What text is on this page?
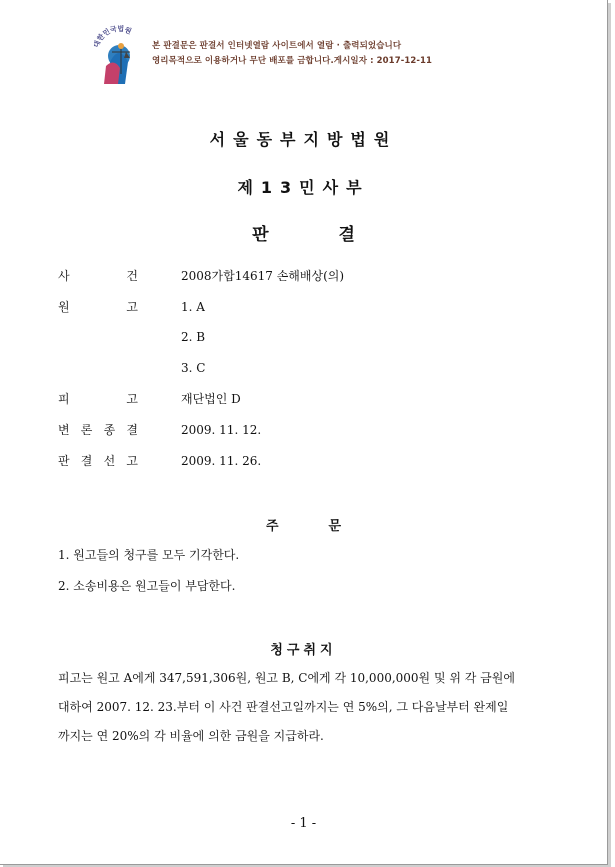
대한민국법원
본 판결문은 판결서 인터넷열람 사이트에서 열람 · 출력되었습니다
영리목적으로 이용하거나 무단 배포를 금합니다.게시일자 : 2017-12-11
서울동부지방법원
제13민사부
판	결
사	건	2008가합14617 손해배상(의)
원	고	1. A
2. B
3. C
피	고	재단법인 D
변 론 종 결	2009. 11. 12.
판 결 선 고	2009. 11. 26.
주	문
1. 원고들의 청구를 모두 기각한다.
2. 소송비용은 원고들이 부담한다.
청구취지
피고는 원고 A에게 347,591,306원, 원고 B, C에게 각 10,000,000원 및 위 각 금원에
대하여 2007. 12. 23.부터 이 사건 판결선고일까지는 연 5%의, 그 다음날부터 완제일
까지는 연 20%의 각 비율에 의한 금원을 지급하라.
- 1 -
